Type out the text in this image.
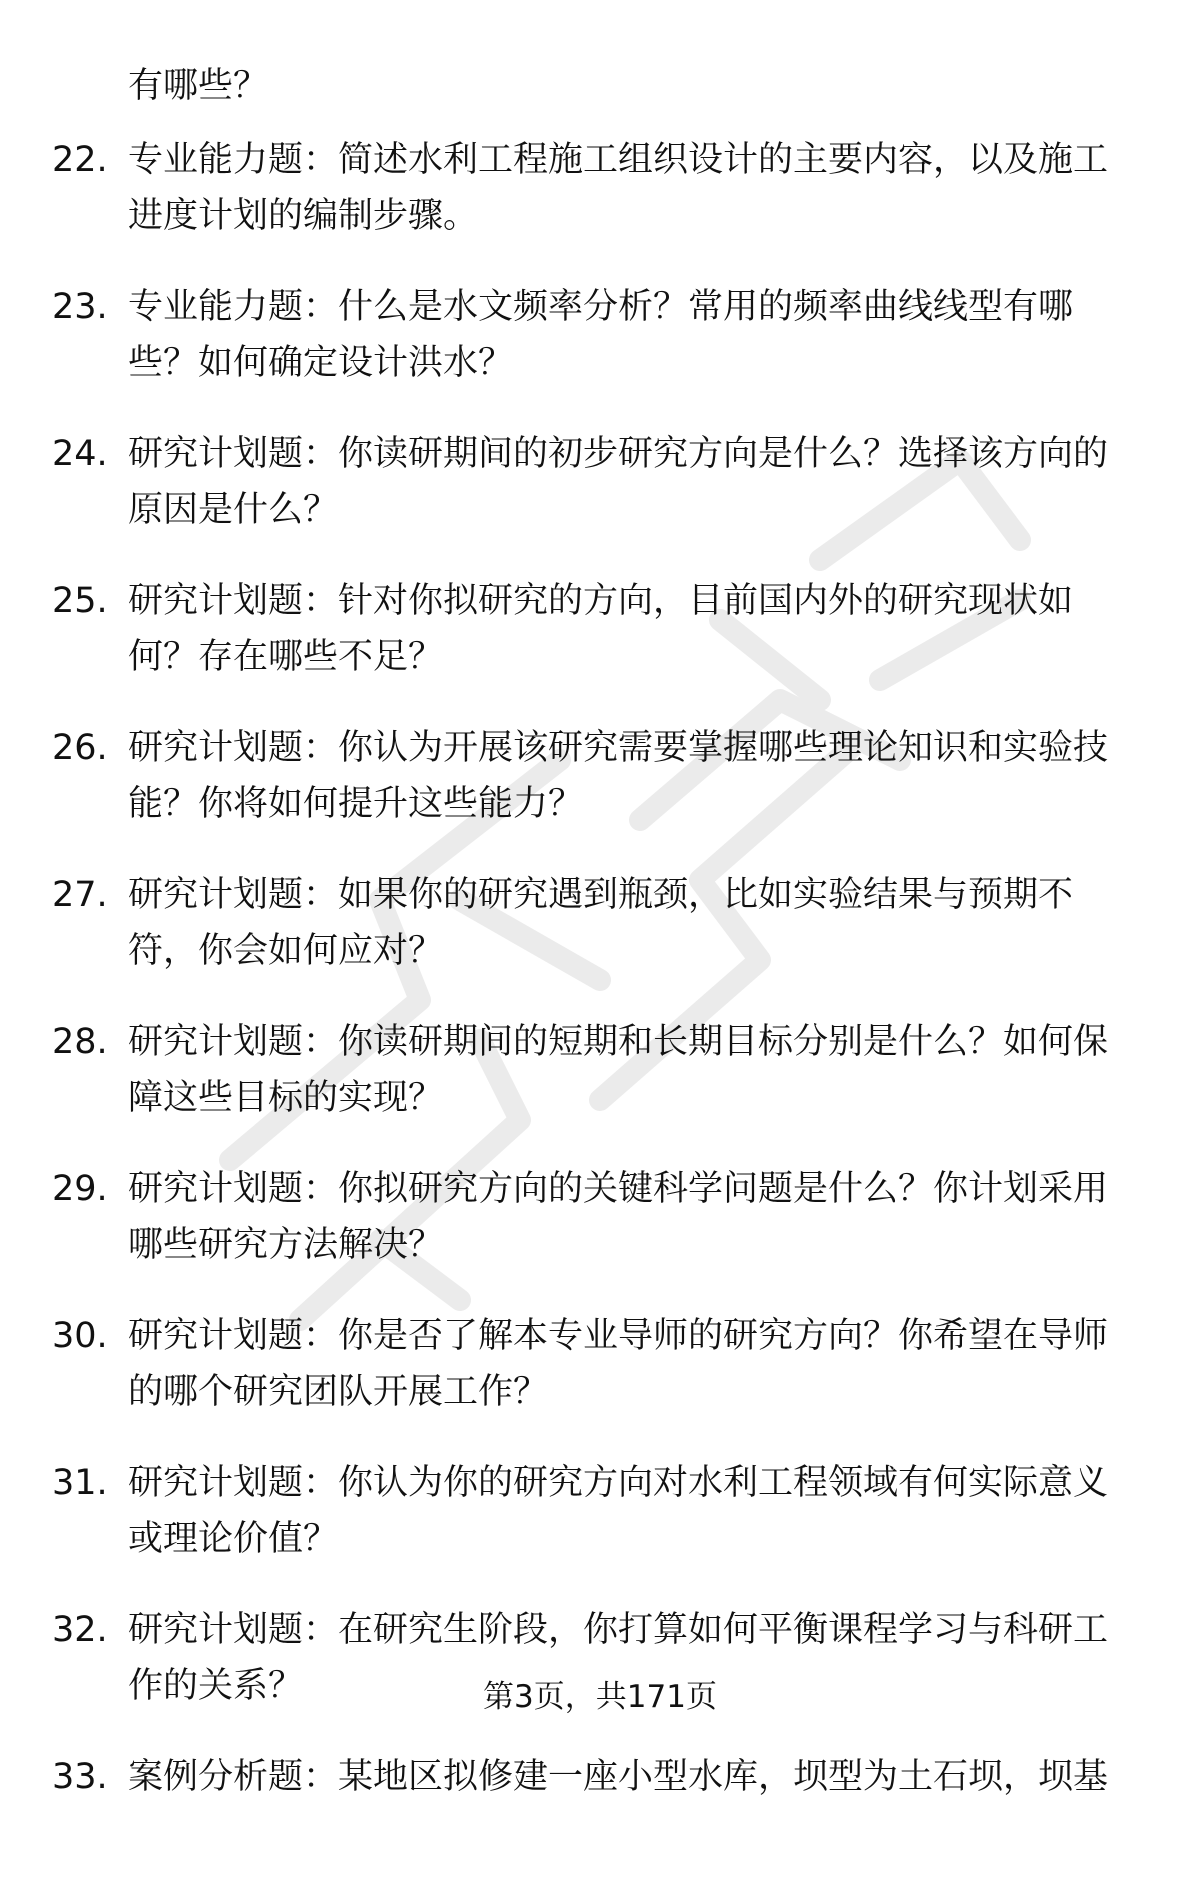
有哪些？
22. 专业能力题：简述水利工程施工组织设计的主要内容，以及施工
进度计划的编制步骤。
23. 专业能力题：什么是水文频率分析？常用的频率曲线线型有哪
些？如何确定设计洪水？
24. 研究计划题：你读研期间的初步研究方向是什么？选择该方向的
原因是什么？
25. 研究计划题：针对你拟研究的方向，目前国内外的研究现状如
何？存在哪些不足？
26. 研究计划题：你认为开展该研究需要掌握哪些理论知识和实验技
能？你将如何提升这些能力？
27. 研究计划题：如果你的研究遇到瓶颈，比如实验结果与预期不
符，你会如何应对？
28. 研究计划题：你读研期间的短期和长期目标分别是什么？如何保
障这些目标的实现？
29. 研究计划题：你拟研究方向的关键科学问题是什么？你计划采用
哪些研究方法解决？
30. 研究计划题：你是否了解本专业导师的研究方向？你希望在导师
的哪个研究团队开展工作？
31. 研究计划题：你认为你的研究方向对水利工程领域有何实际意义
或理论价值？
32. 研究计划题：在研究生阶段，你打算如何平衡课程学习与科研工
作的关系？
33. 案例分析题：某地区拟修建一座小型水库，坝型为土石坝，坝基
第3页，共171页
